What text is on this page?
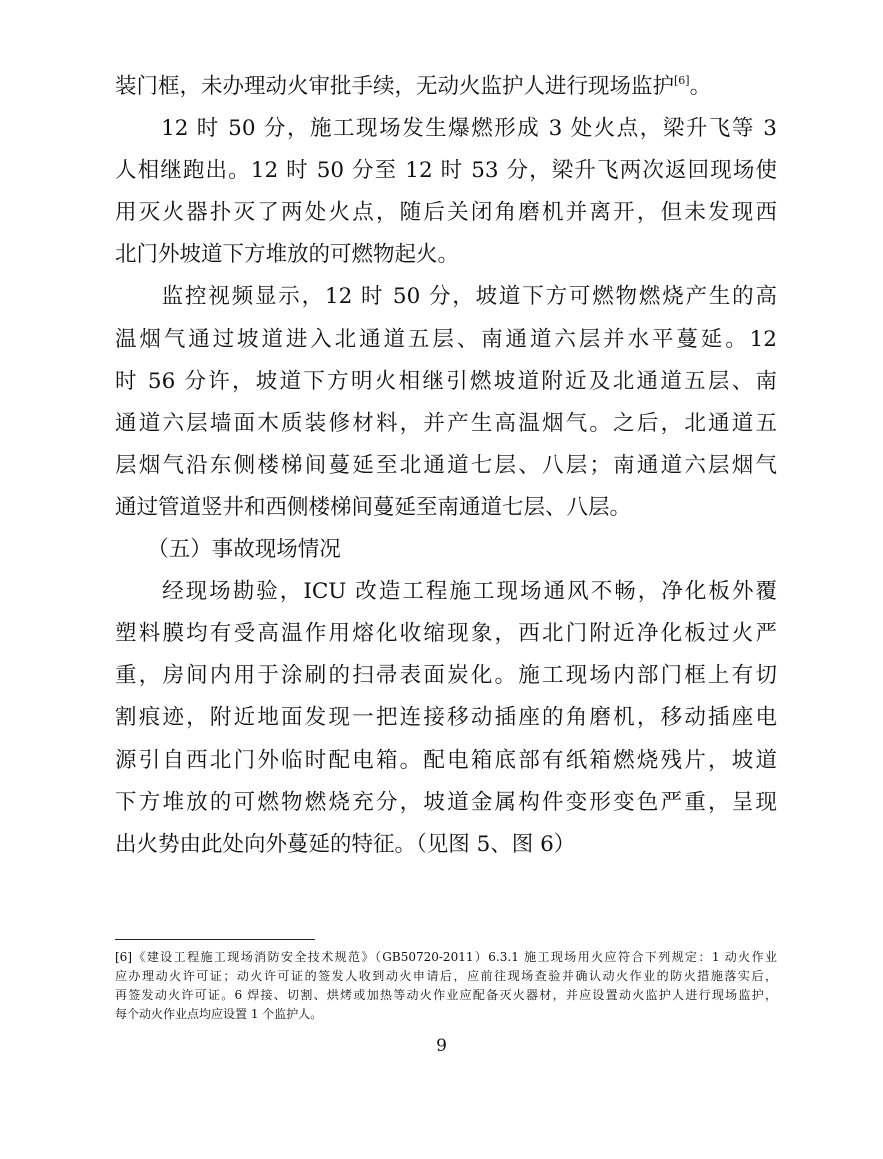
装门框，未办理动火审批手续，无动火监护人进行现场监护[6]。
　　12 时 50 分，施工现场发生爆燃形成 3 处火点，梁升飞等 3
人相继跑出。12 时 50 分至 12 时 53 分，梁升飞两次返回现场使
用灭火器扑灭了两处火点，随后关闭角磨机并离开，但未发现西
北门外坡道下方堆放的可燃物起火。
　　监控视频显示，12 时 50 分，坡道下方可燃物燃烧产生的高
温烟气通过坡道进入北通道五层、南通道六层并水平蔓延。12
时 56 分许，坡道下方明火相继引燃坡道附近及北通道五层、南
通道六层墙面木质装修材料，并产生高温烟气。之后，北通道五
层烟气沿东侧楼梯间蔓延至北通道七层、八层；南通道六层烟气
通过管道竖井和西侧楼梯间蔓延至南通道七层、八层。
　　（五）事故现场情况
　　经现场勘验，ICU 改造工程施工现场通风不畅，净化板外覆
塑料膜均有受高温作用熔化收缩现象，西北门附近净化板过火严
重，房间内用于涂刷的扫帚表面炭化。施工现场内部门框上有切
割痕迹，附近地面发现一把连接移动插座的角磨机，移动插座电
源引自西北门外临时配电箱。配电箱底部有纸箱燃烧残片，坡道
下方堆放的可燃物燃烧充分，坡道金属构件变形变色严重，呈现
出火势由此处向外蔓延的特征。（见图 5、图 6）
[6]《建设工程施工现场消防安全技术规范》（GB50720-2011）6.3.1 施工现场用火应符合下列规定：1 动火作业
应办理动火许可证；动火许可证的签发人收到动火申请后，应前往现场查验并确认动火作业的防火措施落实后，
再签发动火许可证。6 焊接、切割、烘烤或加热等动火作业应配备灭火器材，并应设置动火监护人进行现场监护，
每个动火作业点均应设置 1 个监护人。
9
